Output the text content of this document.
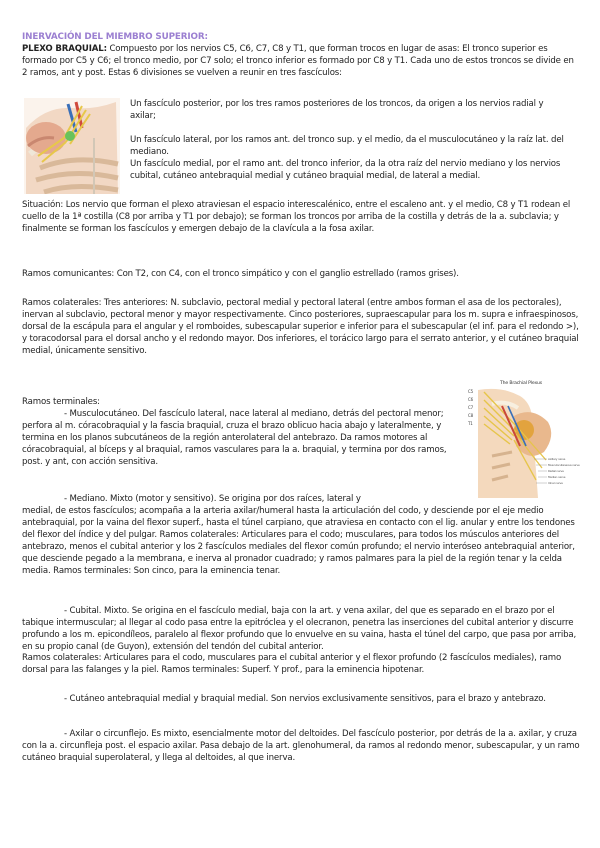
INERVACIÓN DEL MIEMBRO SUPERIOR:

PLEXO BRAQUIAL: Compuesto por los nervios C5, C6, C7, C8 y T1, que forman trocos en lugar de asas: El tronco superior es formado por C5 y C6; el tronco medio, por C7 solo; el tronco inferior es formado por C8 y T1. Cada uno de estos troncos se divide en 2 ramos, ant y post. Estas 6 divisiones se vuelven a reunir en tres fascículos:

Un fascículo posterior, por los tres ramos posteriores de los troncos, da origen a los nervios radial y axilar;

Un fascículo lateral, por los ramos ant. del tronco sup. y el medio, da el musculocutáneo y la raíz lat. del mediano.

Un fascículo medial, por el ramo ant. del tronco inferior, da la otra raíz del nervio mediano y los nervios cubital, cutáneo antebraquial medial y cutáneo braquial medial, de lateral a medial.

Situación: Los nervio que forman el plexo atraviesan el espacio interescalénico, entre el escaleno ant. y el medio, C8 y T1 rodean el cuello de la 1ª costilla (C8 por arriba y T1 por debajo); se forman los troncos por arriba de la costilla y detrás de la a. subclavia; y finalmente se forman los fascículos y emergen debajo de la clavícula a la fosa axilar.

Ramos comunicantes: Con T2, con C4, con el tronco simpático y con el ganglio estrellado (ramos grises).

Ramos colaterales: Tres anteriores: N. subclavio, pectoral medial y pectoral lateral (entre ambos forman el asa de los pectorales), inervan al subclavio, pectoral menor y mayor respectivamente. Cinco posteriores, supraescapular para los m. supra e infraespinosos, dorsal de la escápula para el angular y el romboides, subescapular superior e inferior para el subescapular (el inf. para el redondo >), y toracodorsal para el dorsal ancho y el redondo mayor. Dos inferiores, el torácico largo para el serrato anterior, y el cutáneo braquial medial, únicamente sensitivo.

Ramos terminales:

The Brachial Plexus
C5
C6
C7
C8
T1
Axillary nerve
Musculocutaneous nerve
Radial nerve
Median nerve
Ulnar nerve

- Musculocutáneo. Del fascículo lateral, nace lateral al mediano, detrás del pectoral menor; perfora al m. córacobraquial y la fascia braquial, cruza el brazo oblicuo hacia abajo y lateralmente, y termina en los planos subcutáneos de la región anterolateral del antebrazo. Da ramos motores al córacobraquial, al bíceps y al braquial, ramos vasculares para la a. braquial, y termina por dos ramos, post. y ant, con acción sensitiva.

- Mediano. Mixto (motor y sensitivo). Se origina por dos raíces, lateral y

medial, de estos fascículos; acompaña a la arteria axilar/humeral hasta la articulación del codo, y desciende por el eje medio antebraquial, por la vaina del flexor superf., hasta el túnel carpiano, que atraviesa en contacto con el lig. anular y entre los tendones del flexor del índice y del pulgar. Ramos colaterales: Articulares para el codo; musculares, para todos los músculos anteriores del antebrazo, menos el cubital anterior y los 2 fascículos mediales del flexor común profundo; el nervio interóseo antebraquial anterior, que desciende pegado a la membrana, e inerva al pronador cuadrado; y ramos palmares para la piel de la región tenar y la celda media. Ramos terminales: Son cinco, para la eminencia tenar.

- Cubital. Mixto. Se origina en el fascículo medial, baja con la art. y vena axilar, del que es separado en el brazo por el tabique intermuscular; al llegar al codo pasa entre la epitróclea y el olecranon, penetra las inserciones del cubital anterior y discurre profundo a los m. epicondíleos, paralelo al flexor profundo que lo envuelve en su vaina, hasta el túnel del carpo, que pasa por arriba, en su propio canal (de Guyon), extensión del tendón del cubital anterior.

Ramos colaterales: Articulares para el codo, musculares para el cubital anterior y el flexor profundo (2 fascículos mediales), ramo dorsal para las falanges y la piel. Ramos terminales: Superf. Y prof., para la eminencia hipotenar.

- Cutáneo antebraquial medial y braquial medial. Son nervios exclusivamente sensitivos, para el brazo y antebrazo.

- Axilar o circunflejo. Es mixto, esencialmente motor del deltoides. Del fascículo posterior, por detrás de la a. axilar, y cruza con la a. circunfleja post. el espacio axilar. Pasa debajo de la art. glenohumeral, da ramos al redondo menor, subescapular, y un ramo cutáneo braquial superolateral, y llega al deltoides, al que inerva.
